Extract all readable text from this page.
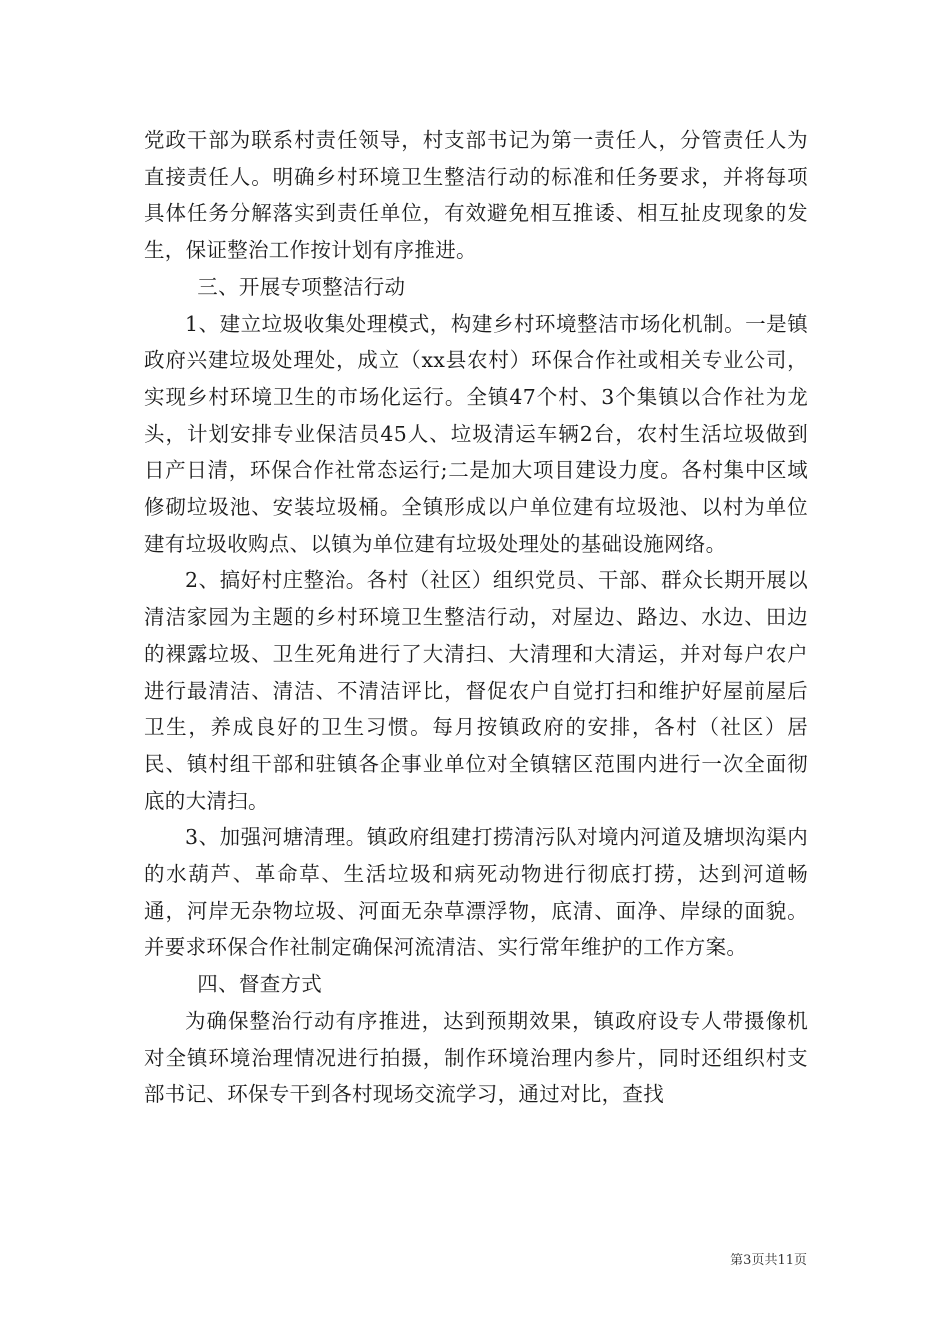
党政干部为联系村责任领导，村支部书记为第一责任人，分管责任人为直接责任人。明确乡村环境卫生整洁行动的标准和任务要求，并将每项具体任务分解落实到责任单位，有效避免相互推诿、相互扯皮现象的发生，保证整治工作按计划有序推进。

三、开展专项整洁行动

1、建立垃圾收集处理模式，构建乡村环境整洁市场化机制。一是镇政府兴建垃圾处理处，成立（xx县农村）环保合作社或相关专业公司，实现乡村环境卫生的市场化运行。全镇47个村、3个集镇以合作社为龙头，计划安排专业保洁员45人、垃圾清运车辆2台，农村生活垃圾做到日产日清，环保合作社常态运行;二是加大项目建设力度。各村集中区域修砌垃圾池、安装垃圾桶。全镇形成以户单位建有垃圾池、以村为单位建有垃圾收购点、以镇为单位建有垃圾处理处的基础设施网络。

2、搞好村庄整治。各村（社区）组织党员、干部、群众长期开展以清洁家园为主题的乡村环境卫生整洁行动，对屋边、路边、水边、田边的裸露垃圾、卫生死角进行了大清扫、大清理和大清运，并对每户农户进行最清洁、清洁、不清洁评比，督促农户自觉打扫和维护好屋前屋后卫生，养成良好的卫生习惯。每月按镇政府的安排，各村（社区）居民、镇村组干部和驻镇各企事业单位对全镇辖区范围内进行一次全面彻底的大清扫。

3、加强河塘清理。镇政府组建打捞清污队对境内河道及塘坝沟渠内的水葫芦、革命草、生活垃圾和病死动物进行彻底打捞，达到河道畅通，河岸无杂物垃圾、河面无杂草漂浮物，底清、面净、岸绿的面貌。并要求环保合作社制定确保河流清洁、实行常年维护的工作方案。

四、督查方式

为确保整治行动有序推进，达到预期效果，镇政府设专人带摄像机对全镇环境治理情况进行拍摄，制作环境治理内参片，同时还组织村支部书记、环保专干到各村现场交流学习，通过对比，查找

第3页共11页
